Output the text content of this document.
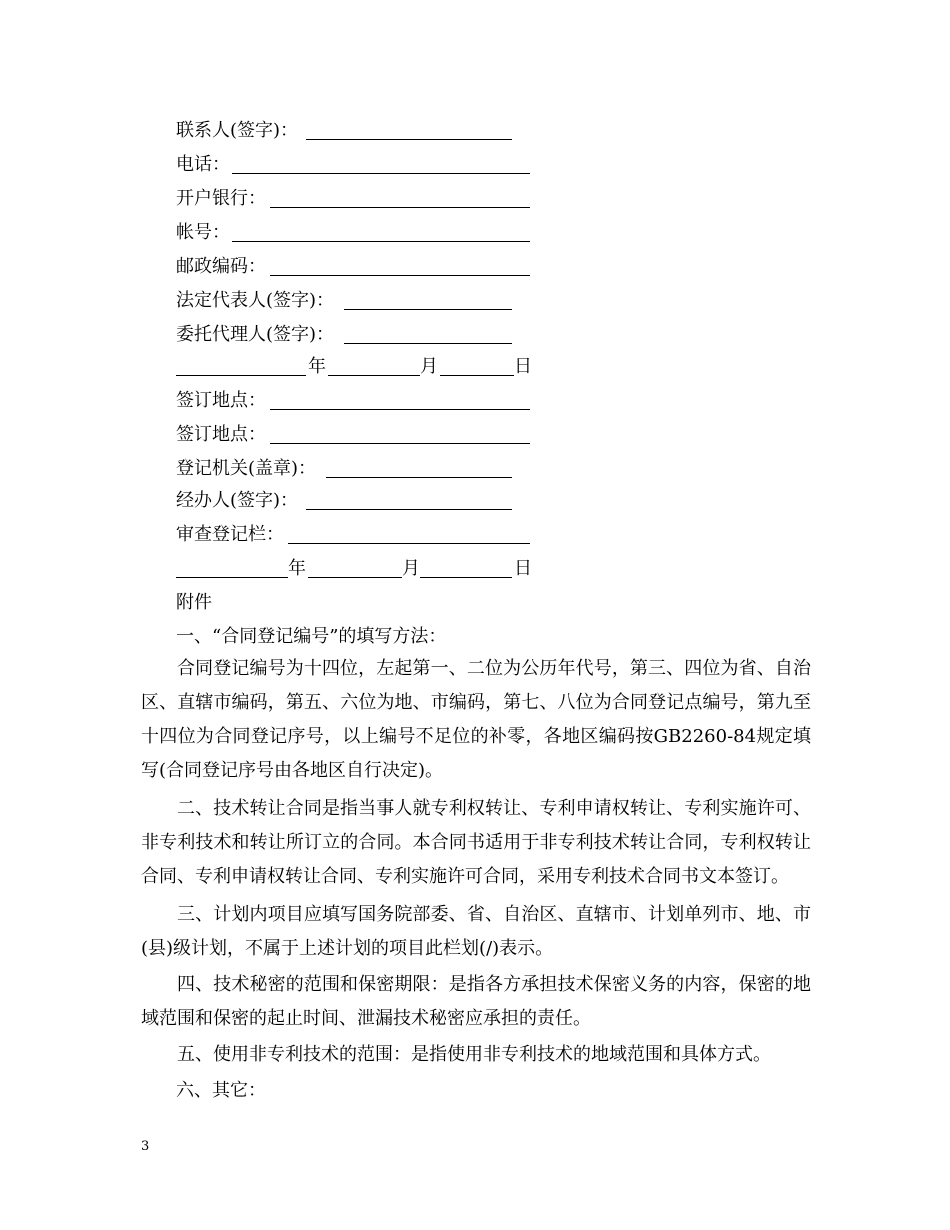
联系人(签字)：
电话：
开户银行：
帐号：
邮政编码：
法定代表人(签字)：
委托代理人(签字)：
年	月	日
签订地点：
签订地点：
登记机关(盖章)：
经办人(签字)：
审查登记栏：
年	月	日
附件
一、“合同登记编号”的填写方法：

合同登记编号为十四位，左起第一、二位为公历年代号，第三、四位为省、自治区、直辖市编码，第五、六位为地、市编码，第七、八位为合同登记点编号，第九至十四位为合同登记序号，以上编号不足位的补零，各地区编码按GB2260-84规定填写(合同登记序号由各地区自行决定)。

二、技术转让合同是指当事人就专利权转让、专利申请权转让、专利实施许可、非专利技术和转让所订立的合同。本合同书适用于非专利技术转让合同，专利权转让合同、专利申请权转让合同、专利实施许可合同，采用专利技术合同书文本签订。

三、计划内项目应填写国务院部委、省、自治区、直辖市、计划单列市、地、市(县)级计划，不属于上述计划的项目此栏划(/)表示。

四、技术秘密的范围和保密期限：是指各方承担技术保密义务的内容，保密的地域范围和保密的起止时间、泄漏技术秘密应承担的责任。

五、使用非专利技术的范围：是指使用非专利技术的地域范围和具体方式。

六、其它：
3
